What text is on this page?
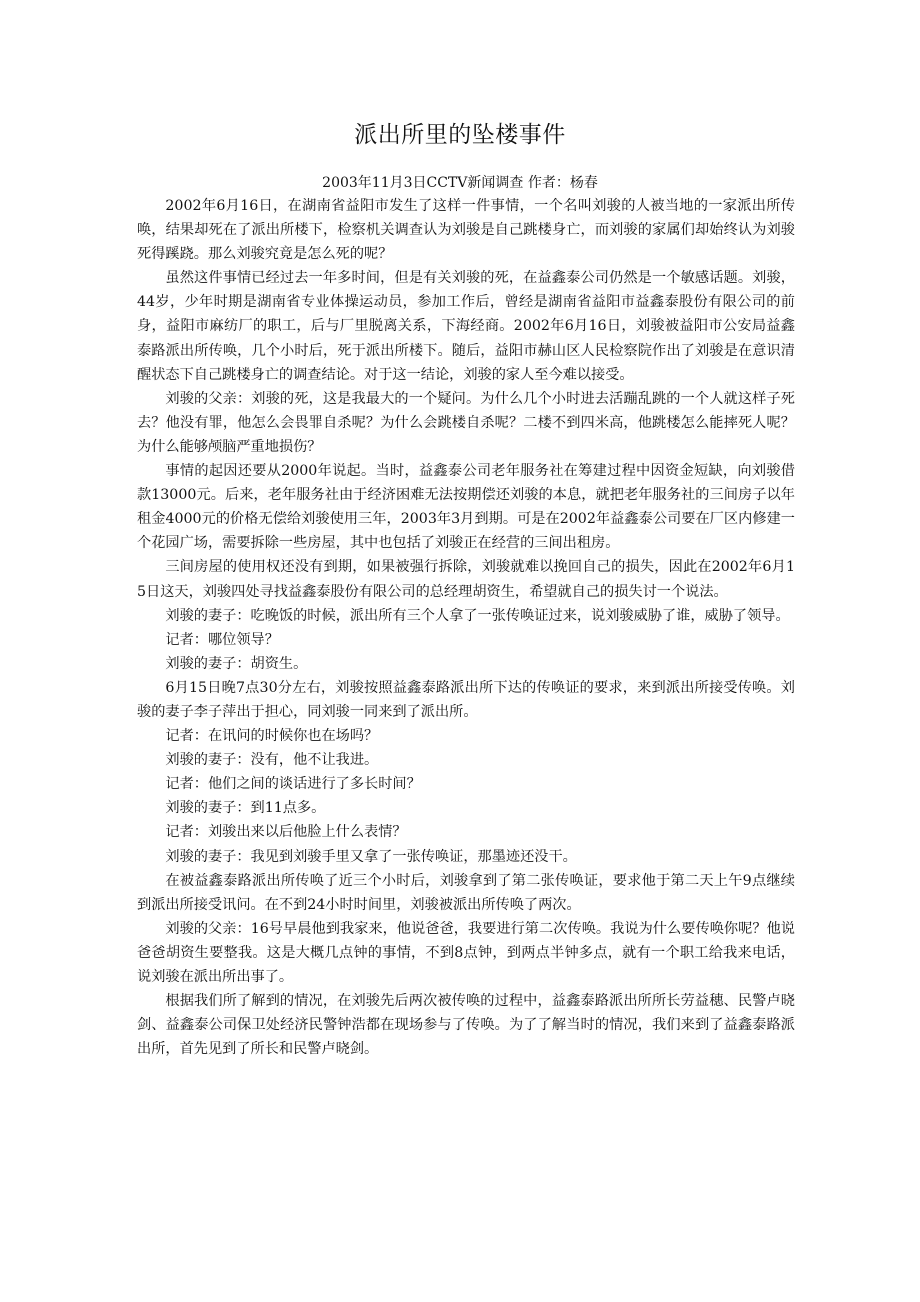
派出所里的坠楼事件
2003年11月3日CCTV新闻调查 作者：杨春

2002年6月16日，在湖南省益阳市发生了这样一件事情，一个名叫刘骏的人被当地的一家派出所传唤，结果却死在了派出所楼下，检察机关调查认为刘骏是自己跳楼身亡，而刘骏的家属们却始终认为刘骏死得蹊跷。那么刘骏究竟是怎么死的呢？

虽然这件事情已经过去一年多时间，但是有关刘骏的死，在益鑫泰公司仍然是一个敏感话题。刘骏，44岁，少年时期是湖南省专业体操运动员，参加工作后，曾经是湖南省益阳市益鑫泰股份有限公司的前身，益阳市麻纺厂的职工，后与厂里脱离关系，下海经商。2002年6月16日，刘骏被益阳市公安局益鑫泰路派出所传唤，几个小时后，死于派出所楼下。随后，益阳市赫山区人民检察院作出了刘骏是在意识清醒状态下自己跳楼身亡的调查结论。对于这一结论，刘骏的家人至今难以接受。

刘骏的父亲：刘骏的死，这是我最大的一个疑问。为什么几个小时进去活蹦乱跳的一个人就这样子死去？他没有罪，他怎么会畏罪自杀呢？为什么会跳楼自杀呢？二楼不到四米高，他跳楼怎么能摔死人呢？为什么能够颅脑严重地损伤？

事情的起因还要从2000年说起。当时，益鑫泰公司老年服务社在筹建过程中因资金短缺，向刘骏借款13000元。后来，老年服务社由于经济困难无法按期偿还刘骏的本息，就把老年服务社的三间房子以年租金4000元的价格无偿给刘骏使用三年，2003年3月到期。可是在2002年益鑫泰公司要在厂区内修建一个花园广场，需要拆除一些房屋，其中也包括了刘骏正在经营的三间出租房。

三间房屋的使用权还没有到期，如果被强行拆除，刘骏就难以挽回自己的损失，因此在2002年6月15日这天，刘骏四处寻找益鑫泰股份有限公司的总经理胡资生，希望就自己的损失讨一个说法。

刘骏的妻子：吃晚饭的时候，派出所有三个人拿了一张传唤证过来，说刘骏威胁了谁，威胁了领导。

记者：哪位领导？

刘骏的妻子：胡资生。

6月15日晚7点30分左右，刘骏按照益鑫泰路派出所下达的传唤证的要求，来到派出所接受传唤。刘骏的妻子李子萍出于担心，同刘骏一同来到了派出所。

记者：在讯问的时候你也在场吗？

刘骏的妻子：没有，他不让我进。

记者：他们之间的谈话进行了多长时间？

刘骏的妻子：到11点多。

记者：刘骏出来以后他脸上什么表情？

刘骏的妻子：我见到刘骏手里又拿了一张传唤证，那墨迹还没干。

在被益鑫泰路派出所传唤了近三个小时后，刘骏拿到了第二张传唤证，要求他于第二天上午9点继续到派出所接受讯问。在不到24小时时间里，刘骏被派出所传唤了两次。

刘骏的父亲：16号早晨他到我家来，他说爸爸，我要进行第二次传唤。我说为什么要传唤你呢？他说爸爸胡资生要整我。这是大概几点钟的事情，不到8点钟，到两点半钟多点，就有一个职工给我来电话，说刘骏在派出所出事了。

根据我们所了解到的情况，在刘骏先后两次被传唤的过程中，益鑫泰路派出所所长劳益穗、民警卢晓剑、益鑫泰公司保卫处经济民警钟浩都在现场参与了传唤。为了了解当时的情况，我们来到了益鑫泰路派出所，首先见到了所长和民警卢晓剑。
